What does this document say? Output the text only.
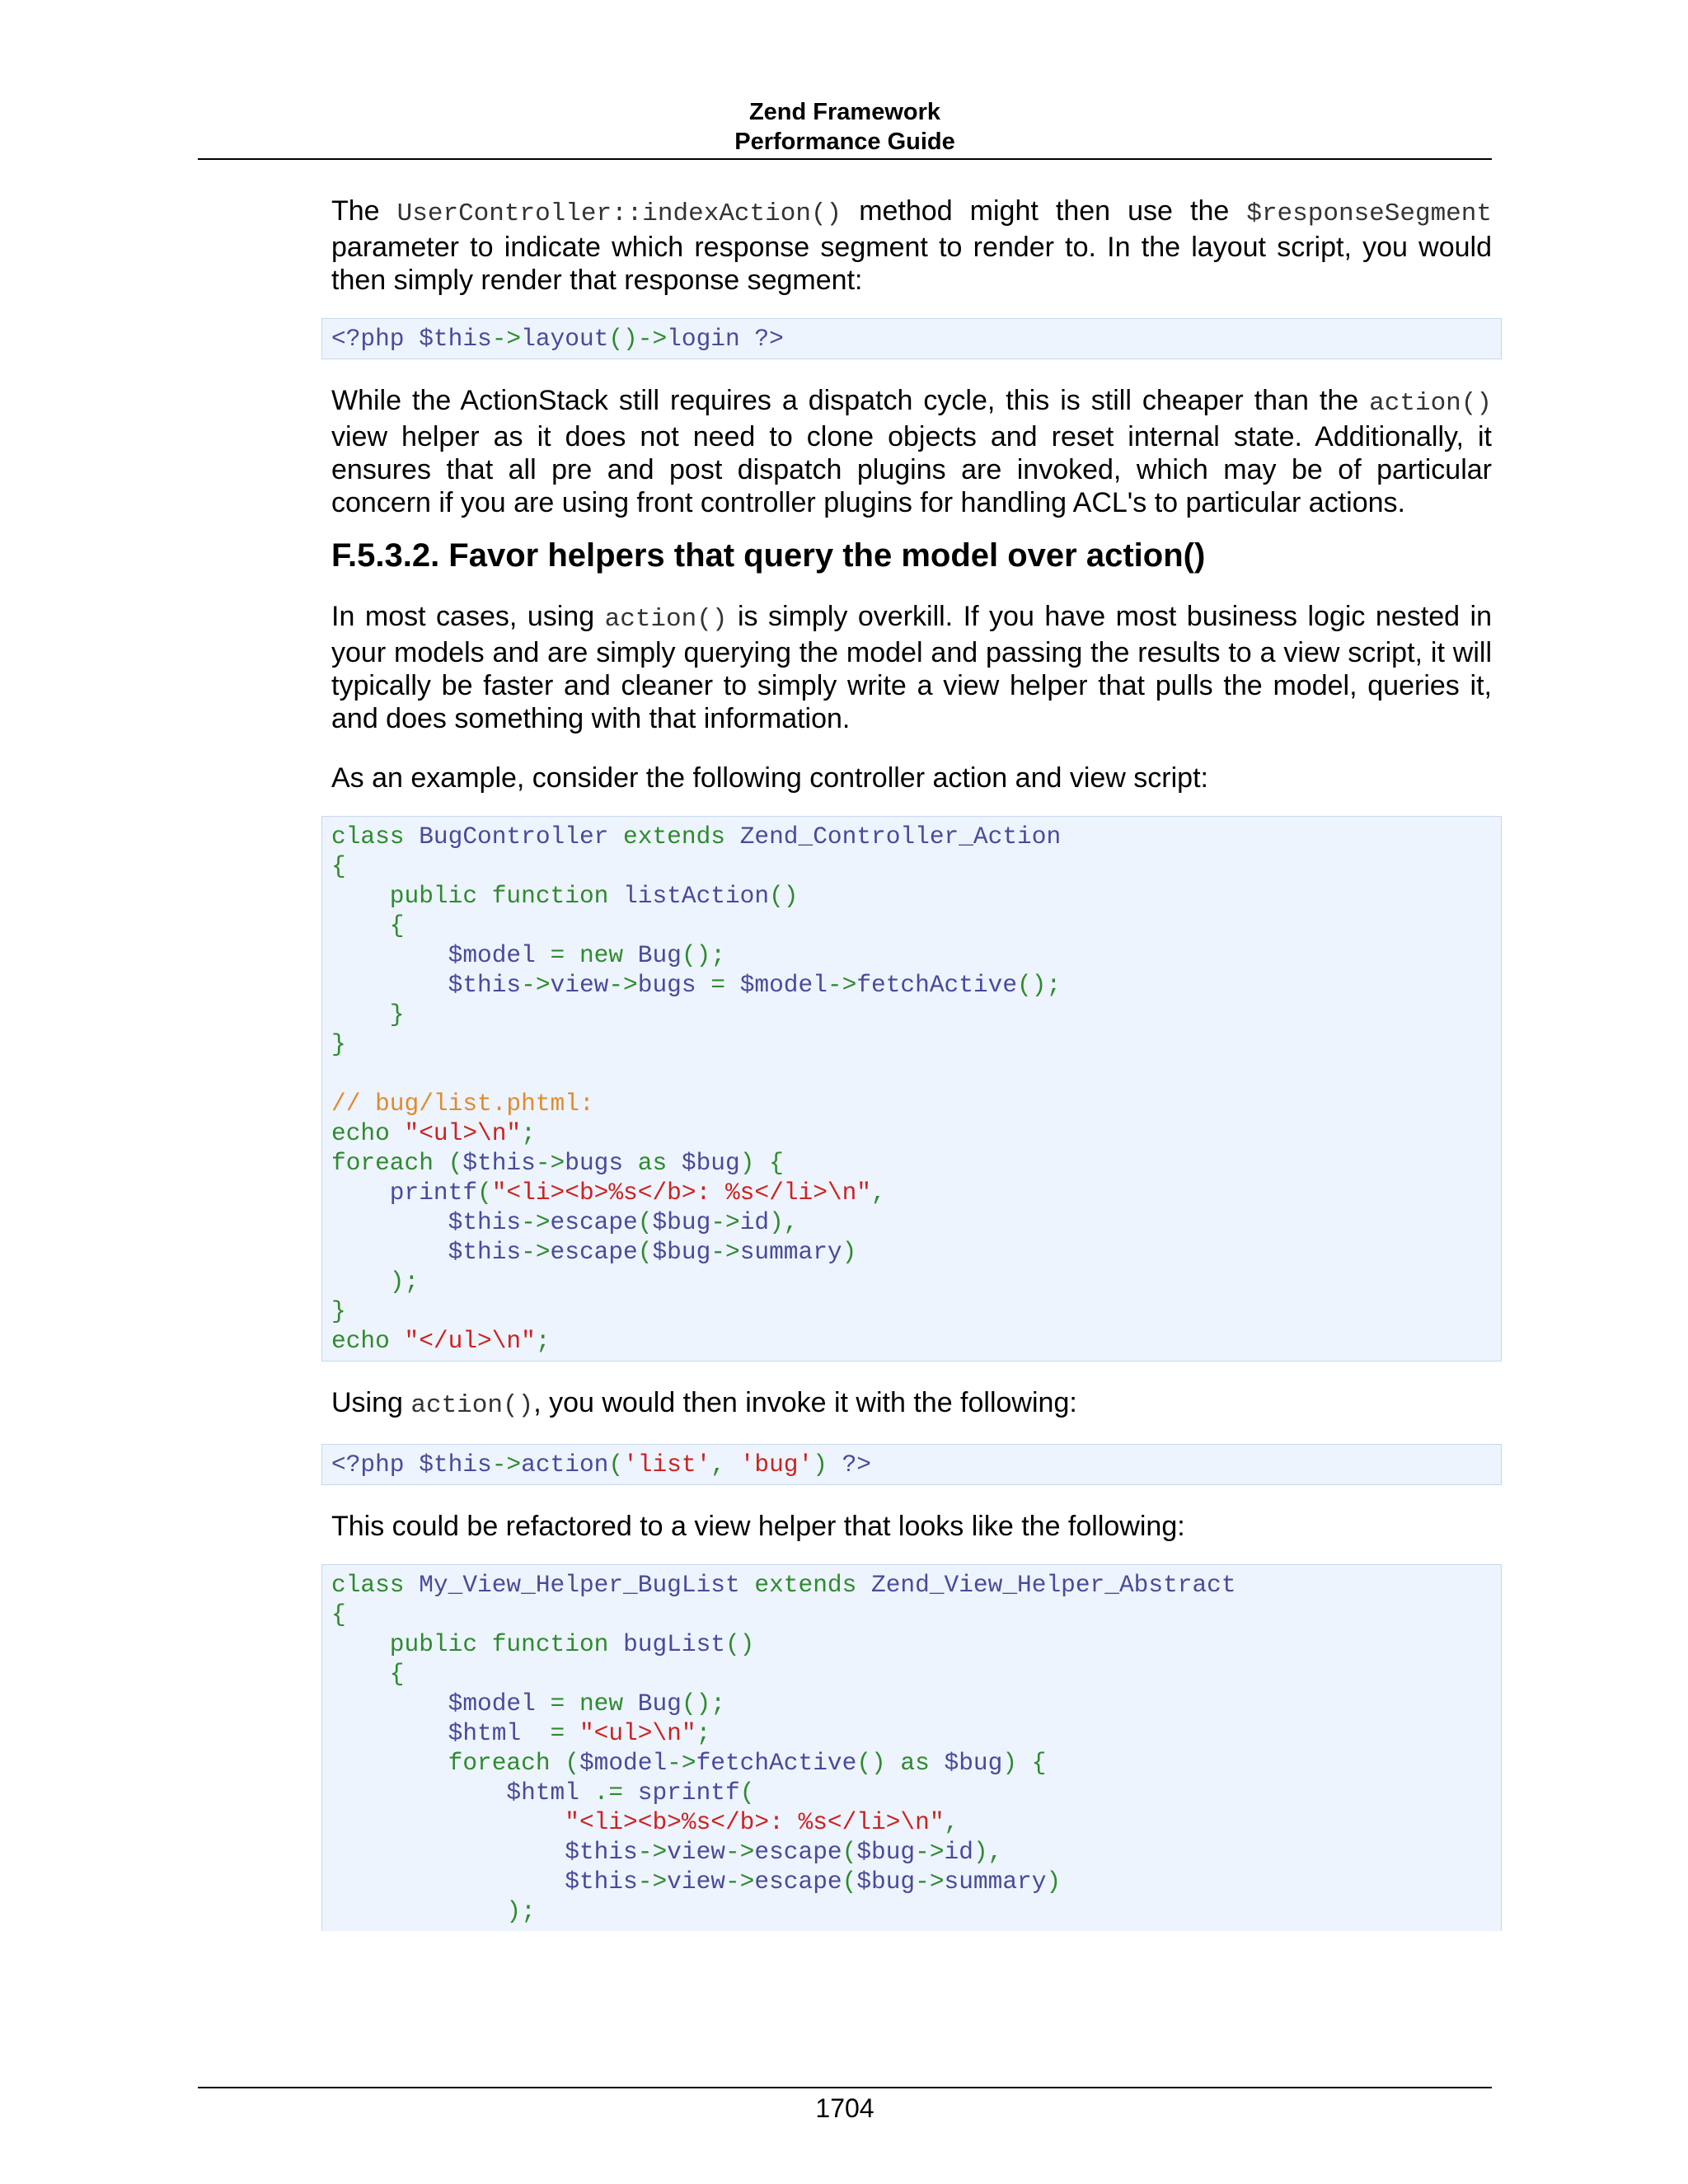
Zend Framework
Performance Guide

The UserController::indexAction() method might then use the $responseSegment parameter to indicate which response segment to render to. In the layout script, you would then simply render that response segment:

<?php $this->layout()->login ?>

While the ActionStack still requires a dispatch cycle, this is still cheaper than the action() view helper as it does not need to clone objects and reset internal state. Additionally, it ensures that all pre and post dispatch plugins are invoked, which may be of particular concern if you are using front controller plugins for handling ACL's to particular actions.

F.5.3.2. Favor helpers that query the model over action()

In most cases, using action() is simply overkill. If you have most business logic nested in your models and are simply querying the model and passing the results to a view script, it will typically be faster and cleaner to simply write a view helper that pulls the model, queries it, and does something with that information.

As an example, consider the following controller action and view script:

class BugController extends Zend_Controller_Action
{
public function listAction()
{
$model = new Bug();
$this->view->bugs = $model->fetchActive();
}
}
// bug/list.phtml:
echo "<ul>\n";
foreach ($this->bugs as $bug) {
printf("<li><b>%s</b>: %s</li>\n",
$this->escape($bug->id),
$this->escape($bug->summary)
);
}
echo "</ul>\n";

Using action(), you would then invoke it with the following:

<?php $this->action('list', 'bug') ?>

This could be refactored to a view helper that looks like the following:

class My_View_Helper_BugList extends Zend_View_Helper_Abstract
{
public function bugList()
{
$model = new Bug();
$html  = "<ul>\n";
foreach ($model->fetchActive() as $bug) {
$html .= sprintf(
"<li><b>%s</b>: %s</li>\n",
$this->view->escape($bug->id),
$this->view->escape($bug->summary)
);
1704
